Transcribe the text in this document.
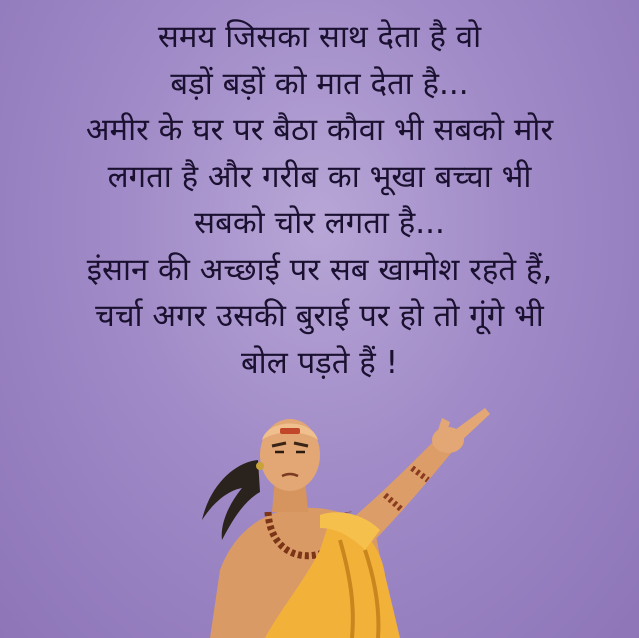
समय जिसका साथ देता है वो
बड़ों बड़ों को मात देता है...
अमीर के घर पर बैठा कौवा भी सबको मोर
लगता है और गरीब का भूखा बच्चा भी
सबको चोर लगता है...
इंसान की अच्छाई पर सब खामोश रहते हैं,
चर्चा अगर उसकी बुराई पर हो तो गूंगे भी
बोल पड़ते हैं !
